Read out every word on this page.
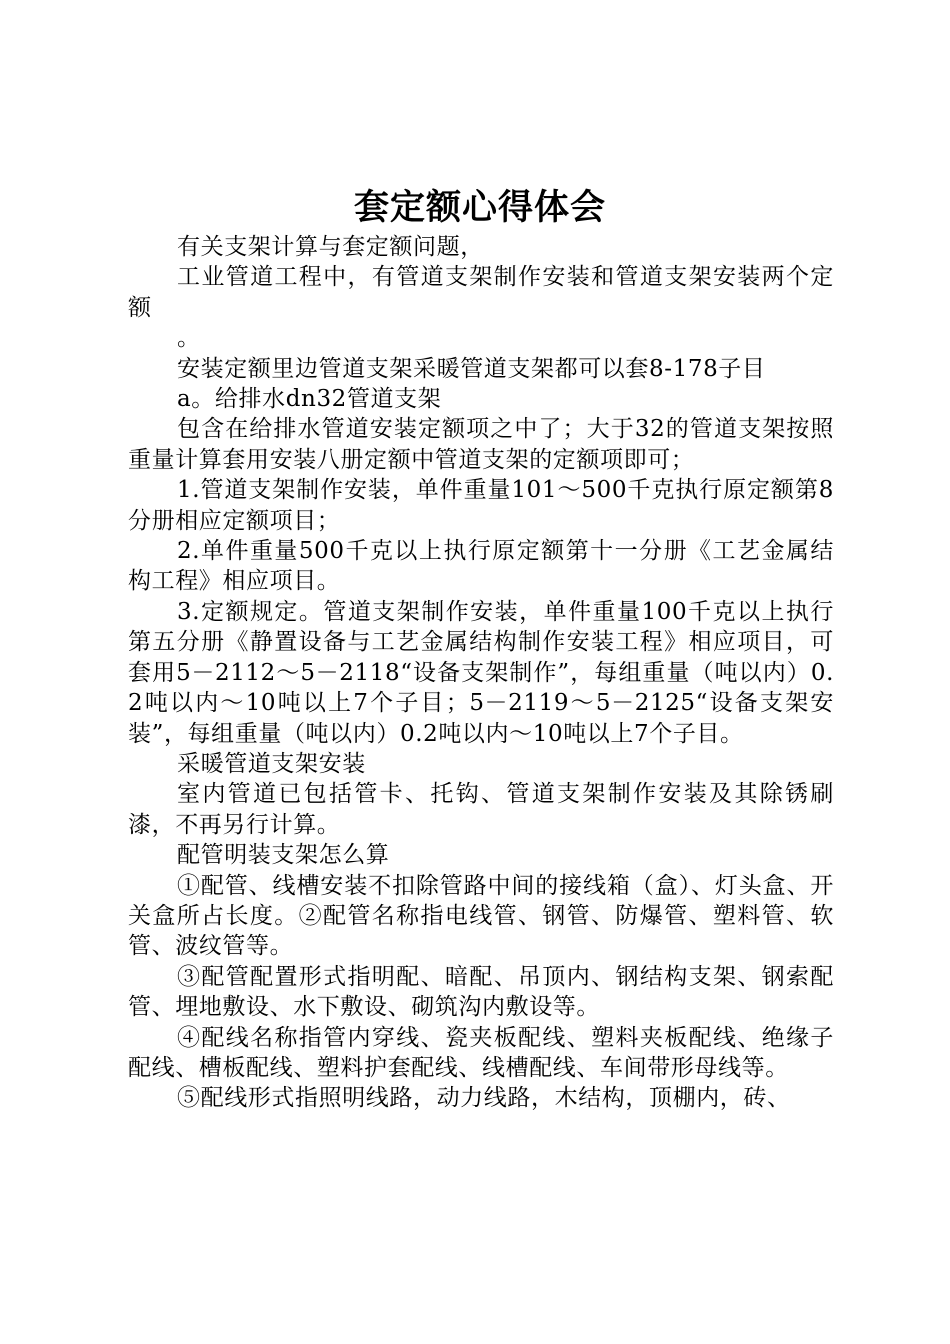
套定额心得体会

有关支架计算与套定额问题，

工业管道工程中，有管道支架制作安装和管道支架安装两个定额

。

安装定额里边管道支架采暖管道支架都可以套8-178子目

a。给排水dn32管道支架

包含在给排水管道安装定额项之中了；大于32的管道支架按照重量计算套用安装八册定额中管道支架的定额项即可；

1.管道支架制作安装，单件重量101～500千克执行原定额第8分册相应定额项目；

2.单件重量500千克以上执行原定额第十一分册《工艺金属结构工程》相应项目。

3.定额规定。管道支架制作安装，单件重量100千克以上执行第五分册《静置设备与工艺金属结构制作安装工程》相应项目，可套用5－2112～5－2118“设备支架制作”，每组重量（吨以内）0.2吨以内～10吨以上7个子目；5－2119～5－2125“设备支架安装”，每组重量（吨以内）0.2吨以内～10吨以上7个子目。

采暖管道支架安装

室内管道已包括管卡、托钩、管道支架制作安装及其除锈刷漆，不再另行计算。

配管明装支架怎么算

①配管、线槽安装不扣除管路中间的接线箱（盒）、灯头盒、开关盒所占长度。②配管名称指电线管、钢管、防爆管、塑料管、软管、波纹管等。

③配管配置形式指明配、暗配、吊顶内、钢结构支架、钢索配管、埋地敷设、水下敷设、砌筑沟内敷设等。

④配线名称指管内穿线、瓷夹板配线、塑料夹板配线、绝缘子配线、槽板配线、塑料护套配线、线槽配线、车间带形母线等。

⑤配线形式指照明线路，动力线路，木结构，顶棚内，砖、
